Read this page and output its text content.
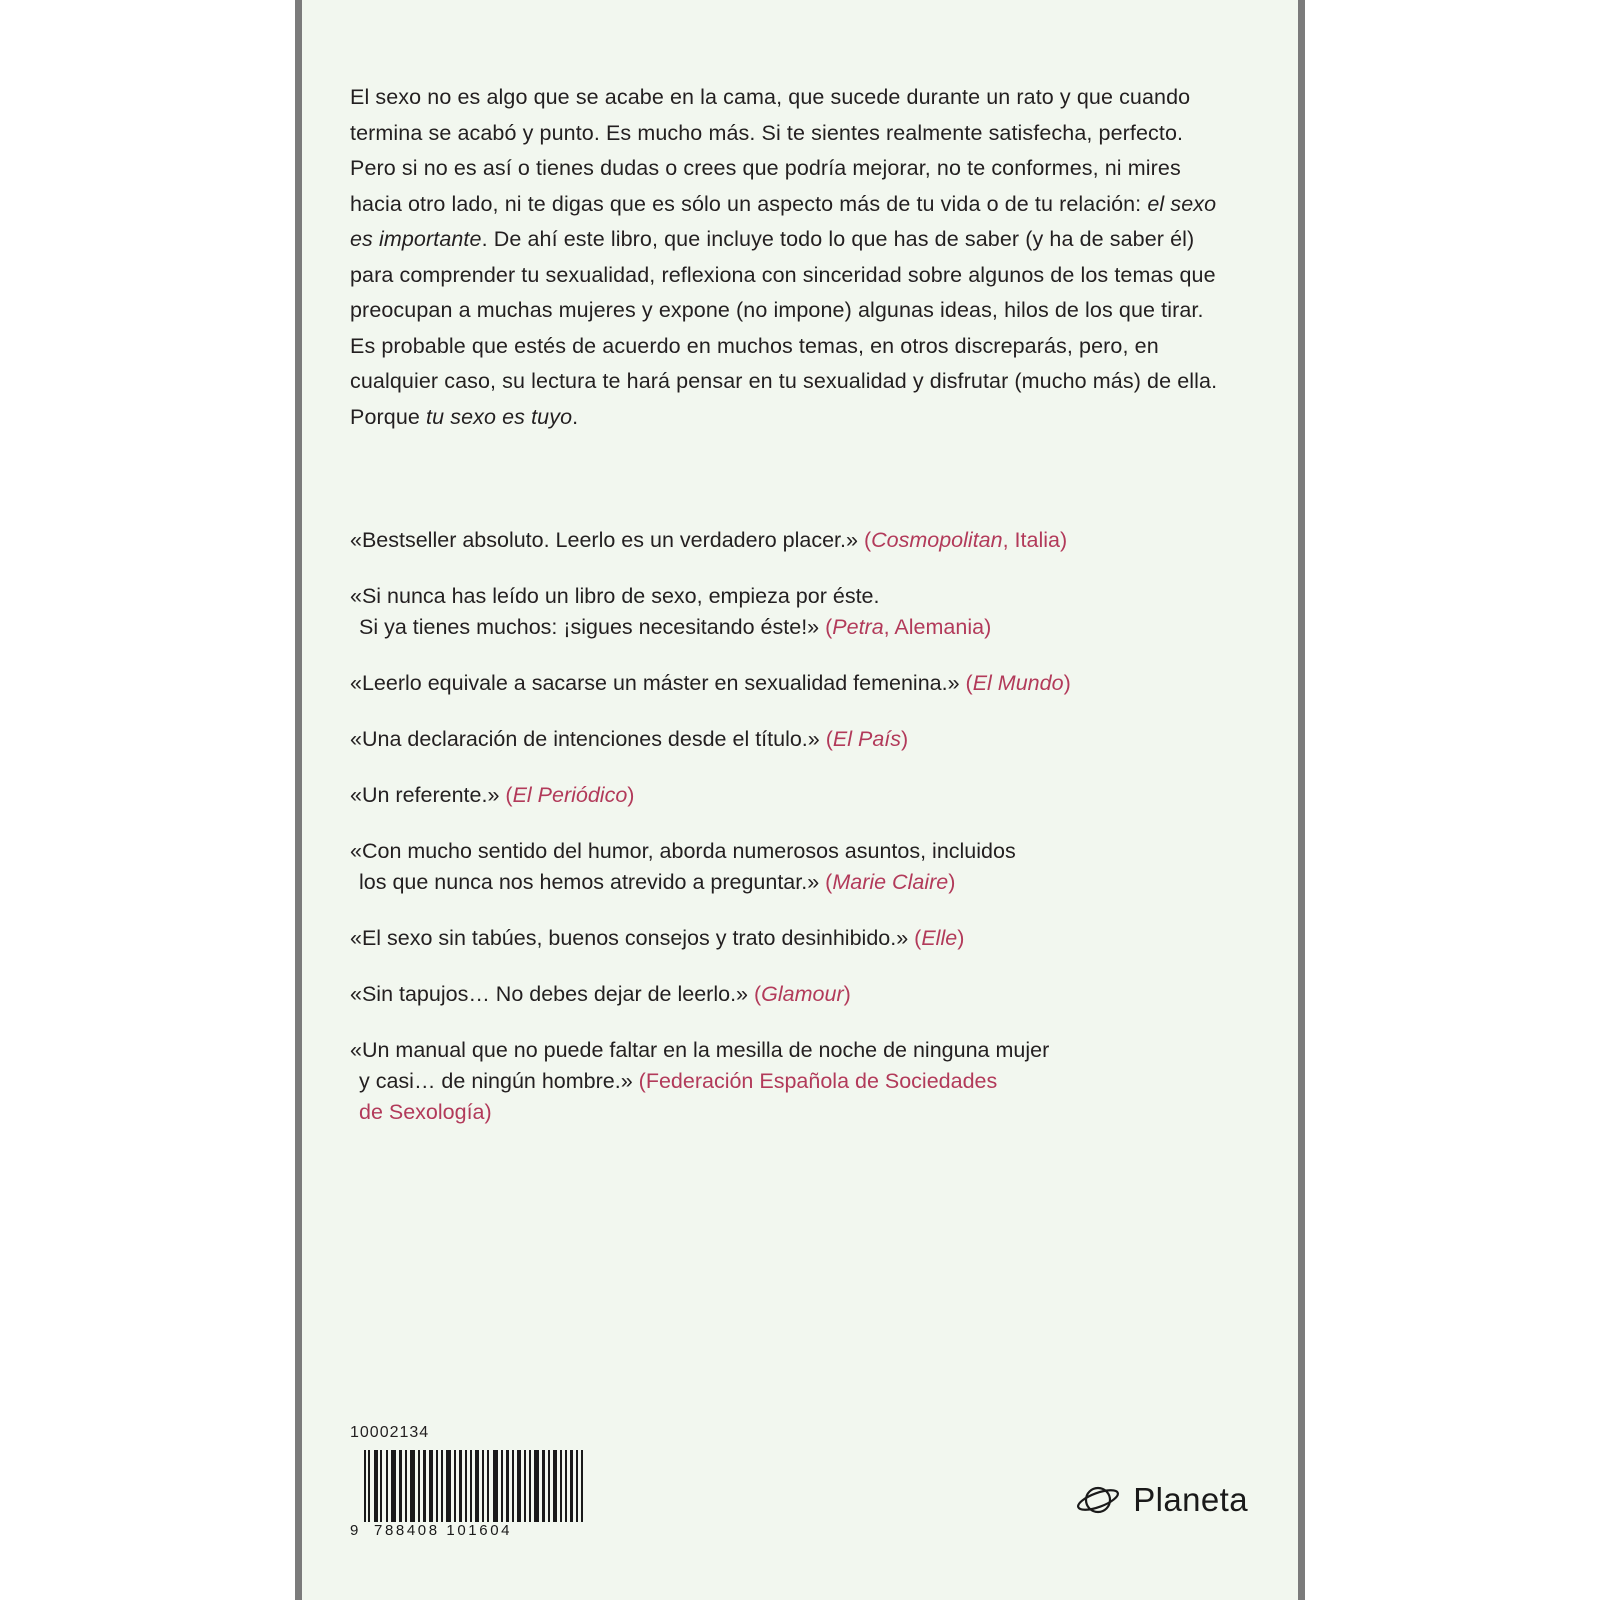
El sexo no es algo que se acabe en la cama, que sucede durante un rato y que cuando termina se acabó y punto. Es mucho más. Si te sientes realmente satisfecha, perfecto. Pero si no es así o tienes dudas o crees que podría mejorar, no te conformes, ni mires hacia otro lado, ni te digas que es sólo un aspecto más de tu vida o de tu relación: el sexo es importante. De ahí este libro, que incluye todo lo que has de saber (y ha de saber él) para comprender tu sexualidad, reflexiona con sinceridad sobre algunos de los temas que preocupan a muchas mujeres y expone (no impone) algunas ideas, hilos de los que tirar.

Es probable que estés de acuerdo en muchos temas, en otros discreparás, pero, en cualquier caso, su lectura te hará pensar en tu sexualidad y disfrutar (mucho más) de ella. Porque tu sexo es tuyo.

«Bestseller absoluto. Leerlo es un verdadero placer.» (Cosmopolitan, Italia)
«Si nunca has leído un libro de sexo, empieza por éste.
Si ya tienes muchos: ¡sigues necesitando éste!» (Petra, Alemania)
«Leerlo equivale a sacarse un máster en sexualidad femenina.» (El Mundo)
«Una declaración de intenciones desde el título.» (El País)
«Un referente.» (El Periódico)
«Con mucho sentido del humor, aborda numerosos asuntos, incluidos
los que nunca nos hemos atrevido a preguntar.» (Marie Claire)
«El sexo sin tabúes, buenos consejos y trato desinhibido.» (Elle)
«Sin tapujos… No debes dejar de leerlo.» (Glamour)
«Un manual que no puede faltar en la mesilla de noche de ninguna mujer
y casi… de ningún hombre.» (Federación Española de Sociedades
de Sexología)
10002134
9 788408 101604
Planeta
